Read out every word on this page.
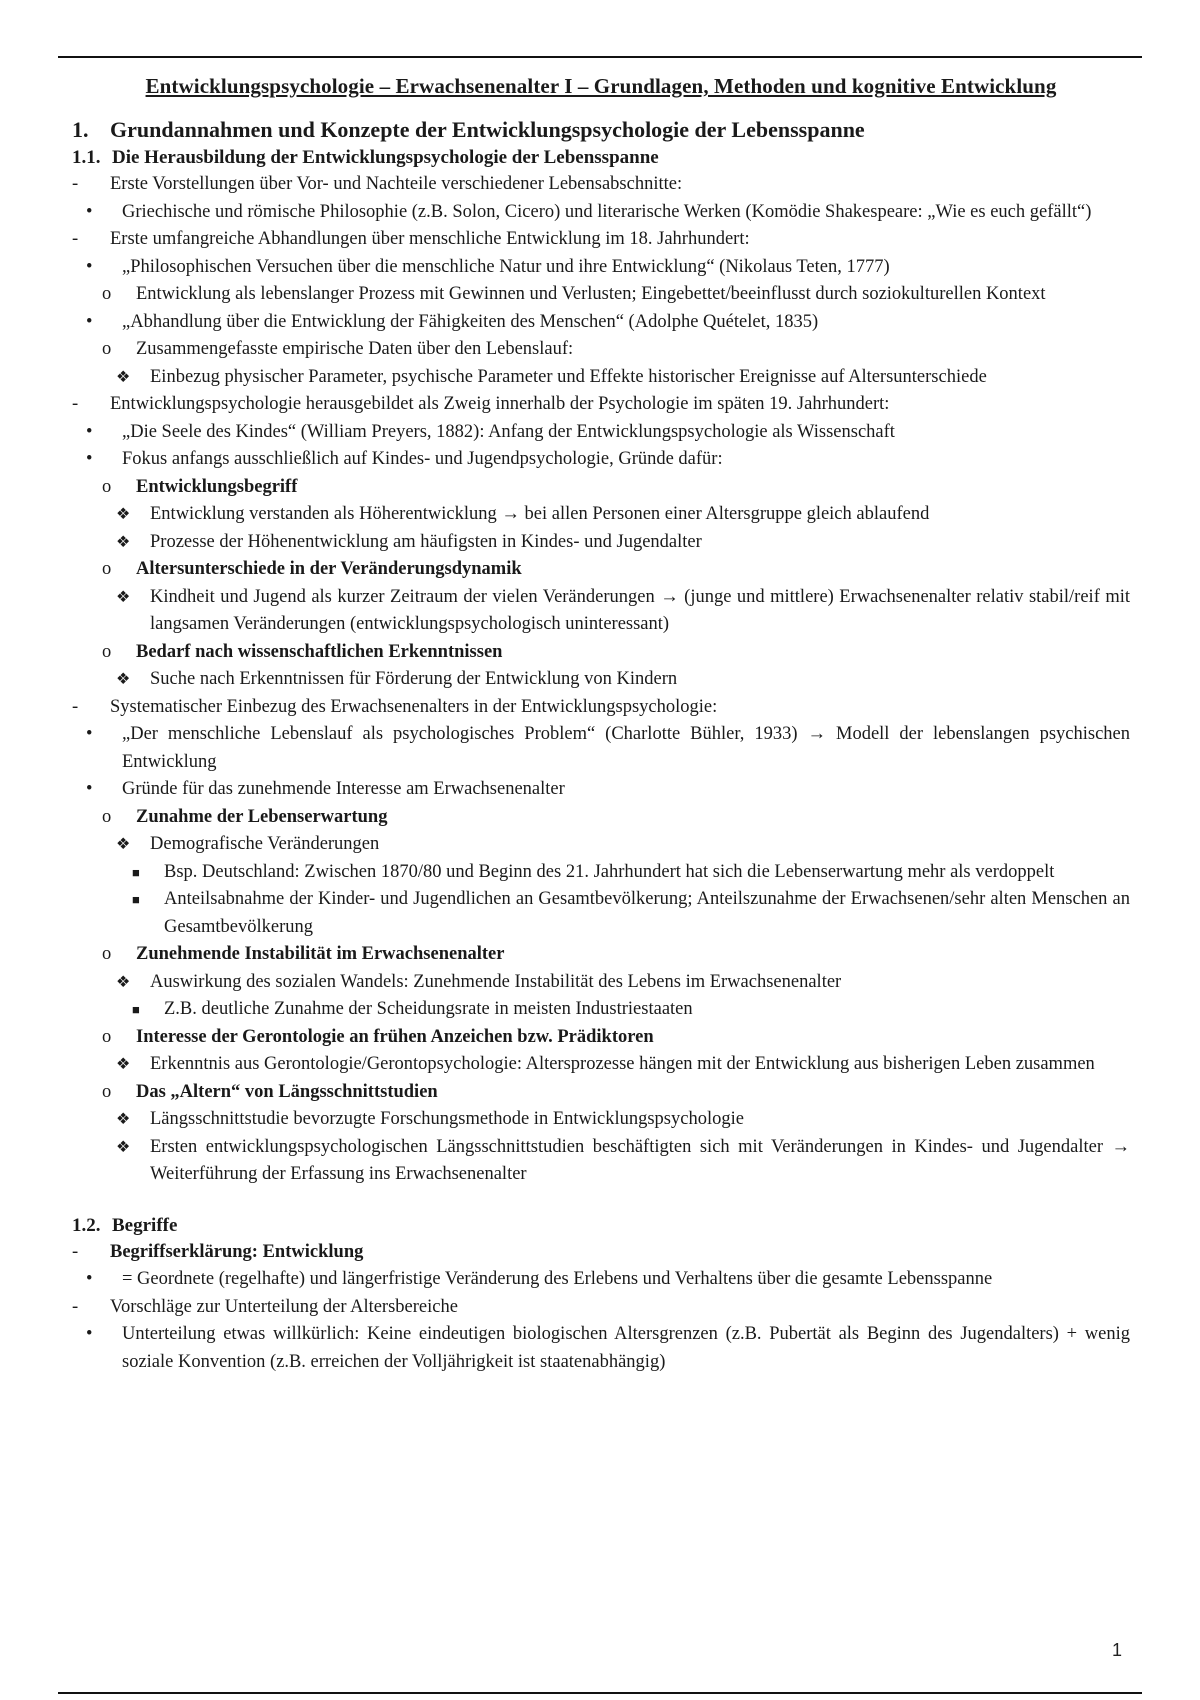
Entwicklungspsychologie – Erwachsenenalter I – Grundlagen, Methoden und kognitive Entwicklung
1. Grundannahmen und Konzepte der Entwicklungspsychologie der Lebensspanne
1.1. Die Herausbildung der Entwicklungspsychologie der Lebensspanne
-	Erste Vorstellungen über Vor- und Nachteile verschiedener Lebensabschnitte:
•	Griechische und römische Philosophie (z.B. Solon, Cicero) und literarische Werken (Komödie Shakespeare: „Wie es euch gefällt“)
-	Erste umfangreiche Abhandlungen über menschliche Entwicklung im 18. Jahrhundert:
•	„Philosophischen Versuchen über die menschliche Natur und ihre Entwicklung“ (Nikolaus Teten, 1777)
o	Entwicklung als lebenslanger Prozess mit Gewinnen und Verlusten; Eingebettet/beeinflusst durch soziokulturellen Kontext
•	„Abhandlung über die Entwicklung der Fähigkeiten des Menschen“ (Adolphe Quételet, 1835)
o	Zusammengefasste empirische Daten über den Lebenslauf:
❖	Einbezug physischer Parameter, psychische Parameter und Effekte historischer Ereignisse auf Altersunterschiede
-	Entwicklungspsychologie herausgebildet als Zweig innerhalb der Psychologie im späten 19. Jahrhundert:
•	„Die Seele des Kindes“ (William Preyers, 1882): Anfang der Entwicklungspsychologie als Wissenschaft
•	Fokus anfangs ausschließlich auf Kindes- und Jugendpsychologie, Gründe dafür:
o	Entwicklungsbegriff
❖	Entwicklung verstanden als Höherentwicklung → bei allen Personen einer Altersgruppe gleich ablaufend
❖	Prozesse der Höhenentwicklung am häufigsten in Kindes- und Jugendalter
o	Altersunterschiede in der Veränderungsdynamik
❖	Kindheit und Jugend als kurzer Zeitraum der vielen Veränderungen → (junge und mittlere) Erwachsenenalter relativ stabil/reif mit langsamen Veränderungen (entwicklungspsychologisch uninteressant)
o	Bedarf nach wissenschaftlichen Erkenntnissen
❖	Suche nach Erkenntnissen für Förderung der Entwicklung von Kindern
-	Systematischer Einbezug des Erwachsenenalters in der Entwicklungspsychologie:
•	„Der menschliche Lebenslauf als psychologisches Problem“ (Charlotte Bühler, 1933) → Modell der lebenslangen psychischen Entwicklung
•	Gründe für das zunehmende Interesse am Erwachsenenalter
o	Zunahme der Lebenserwartung
❖	Demografische Veränderungen
■	Bsp. Deutschland: Zwischen 1870/80 und Beginn des 21. Jahrhundert hat sich die Lebenserwartung mehr als verdoppelt
■	Anteilsabnahme der Kinder- und Jugendlichen an Gesamtbevölkerung; Anteilszunahme der Erwachsenen/sehr alten Menschen an Gesamtbevölkerung
o	Zunehmende Instabilität im Erwachsenenalter
❖	Auswirkung des sozialen Wandels: Zunehmende Instabilität des Lebens im Erwachsenenalter
■	Z.B. deutliche Zunahme der Scheidungsrate in meisten Industriestaaten
o	Interesse der Gerontologie an frühen Anzeichen bzw. Prädiktoren
❖	Erkenntnis aus Gerontologie/Gerontopsychologie: Altersprozesse hängen mit der Entwicklung aus bisherigen Leben zusammen
o	Das „Altern“ von Längsschnittstudien
❖	Längsschnittstudie bevorzugte Forschungsmethode in Entwicklungspsychologie
❖	Ersten entwicklungspsychologischen Längsschnittstudien beschäftigten sich mit Veränderungen in Kindes- und Jugendalter → Weiterführung der Erfassung ins Erwachsenenalter
1.2. Begriffe
-	Begriffserklärung: Entwicklung
•	= Geordnete (regelhafte) und längerfristige Veränderung des Erlebens und Verhaltens über die gesamte Lebensspanne
-	Vorschläge zur Unterteilung der Altersbereiche
•	Unterteilung etwas willkürlich: Keine eindeutigen biologischen Altersgrenzen (z.B. Pubertät als Beginn des Jugendalters) + wenig soziale Konvention (z.B. erreichen der Volljährigkeit ist staatenabhängig)
1
